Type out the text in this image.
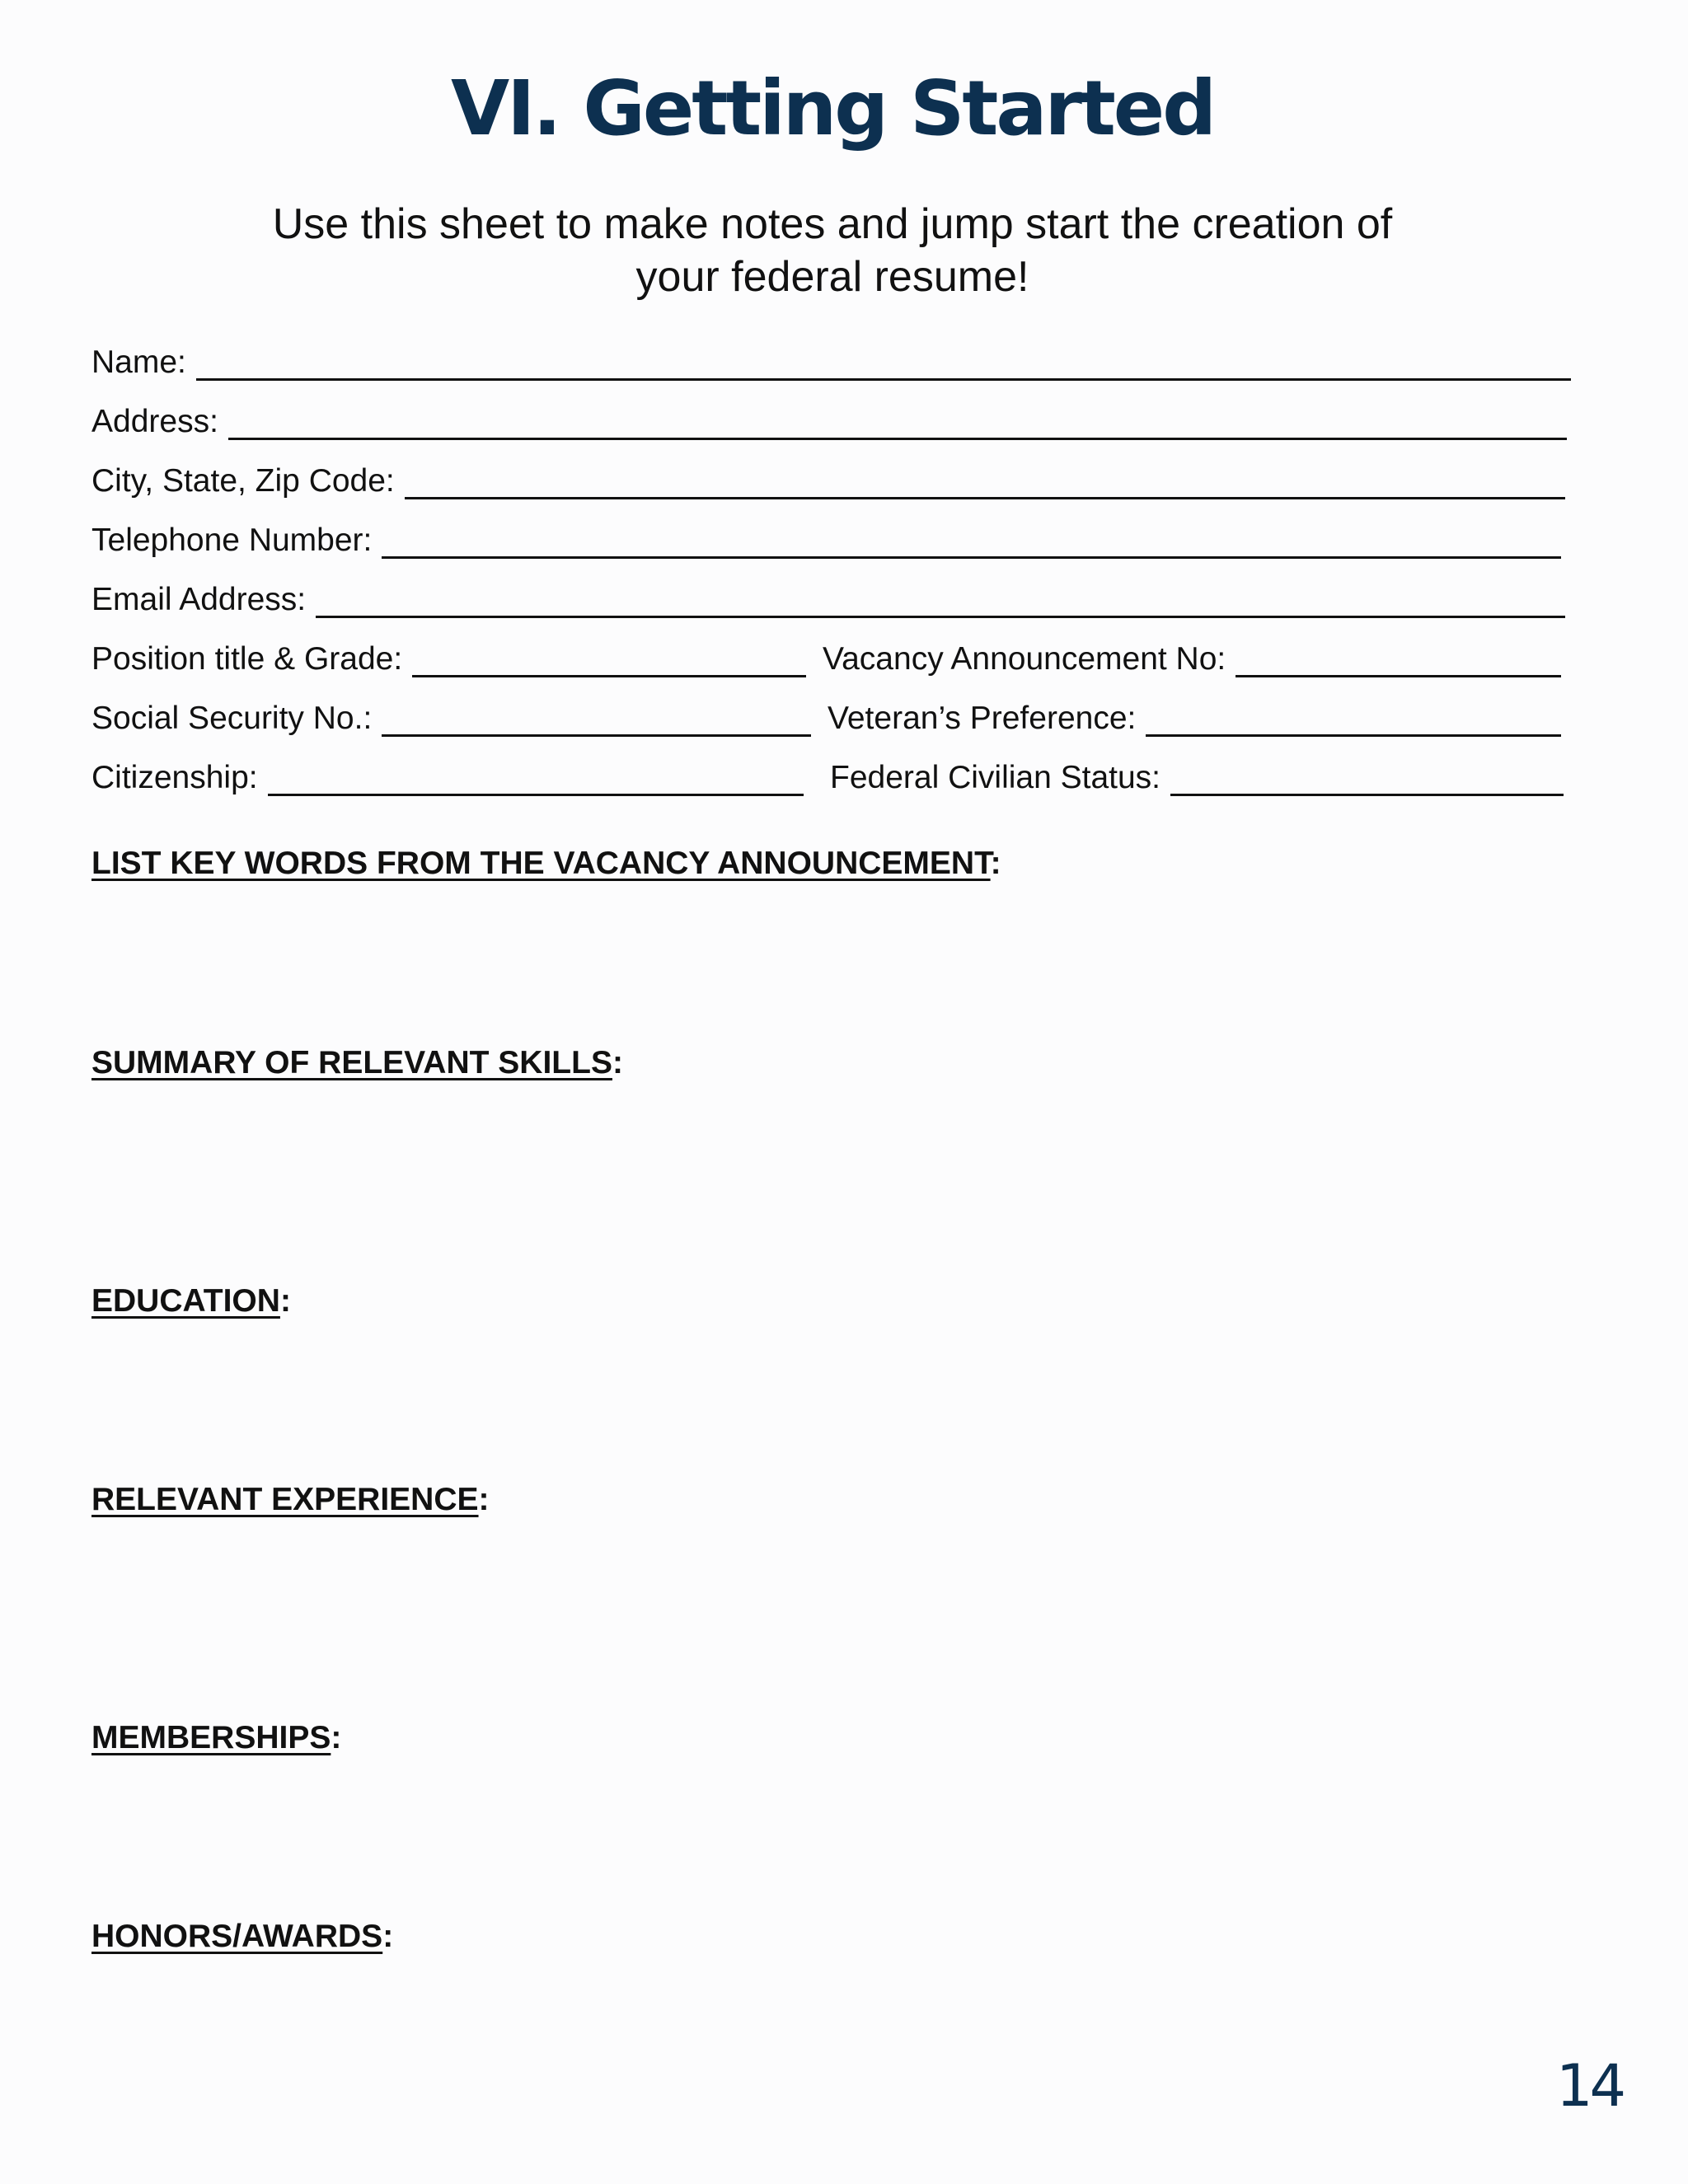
VI. Getting Started
Use this sheet to make notes and jump start the creation of
your federal resume!
Name:
Address:
City, State, Zip Code:
Telephone Number:
Email Address:
Position title & Grade:	Vacancy Announcement No:
Social Security No.:	Veteran’s Preference:
Citizenship:	Federal Civilian Status:
LIST KEY WORDS FROM THE VACANCY ANNOUNCEMENT:
SUMMARY OF RELEVANT SKILLS:
EDUCATION:
RELEVANT EXPERIENCE:
MEMBERSHIPS:
HONORS/AWARDS:
14
